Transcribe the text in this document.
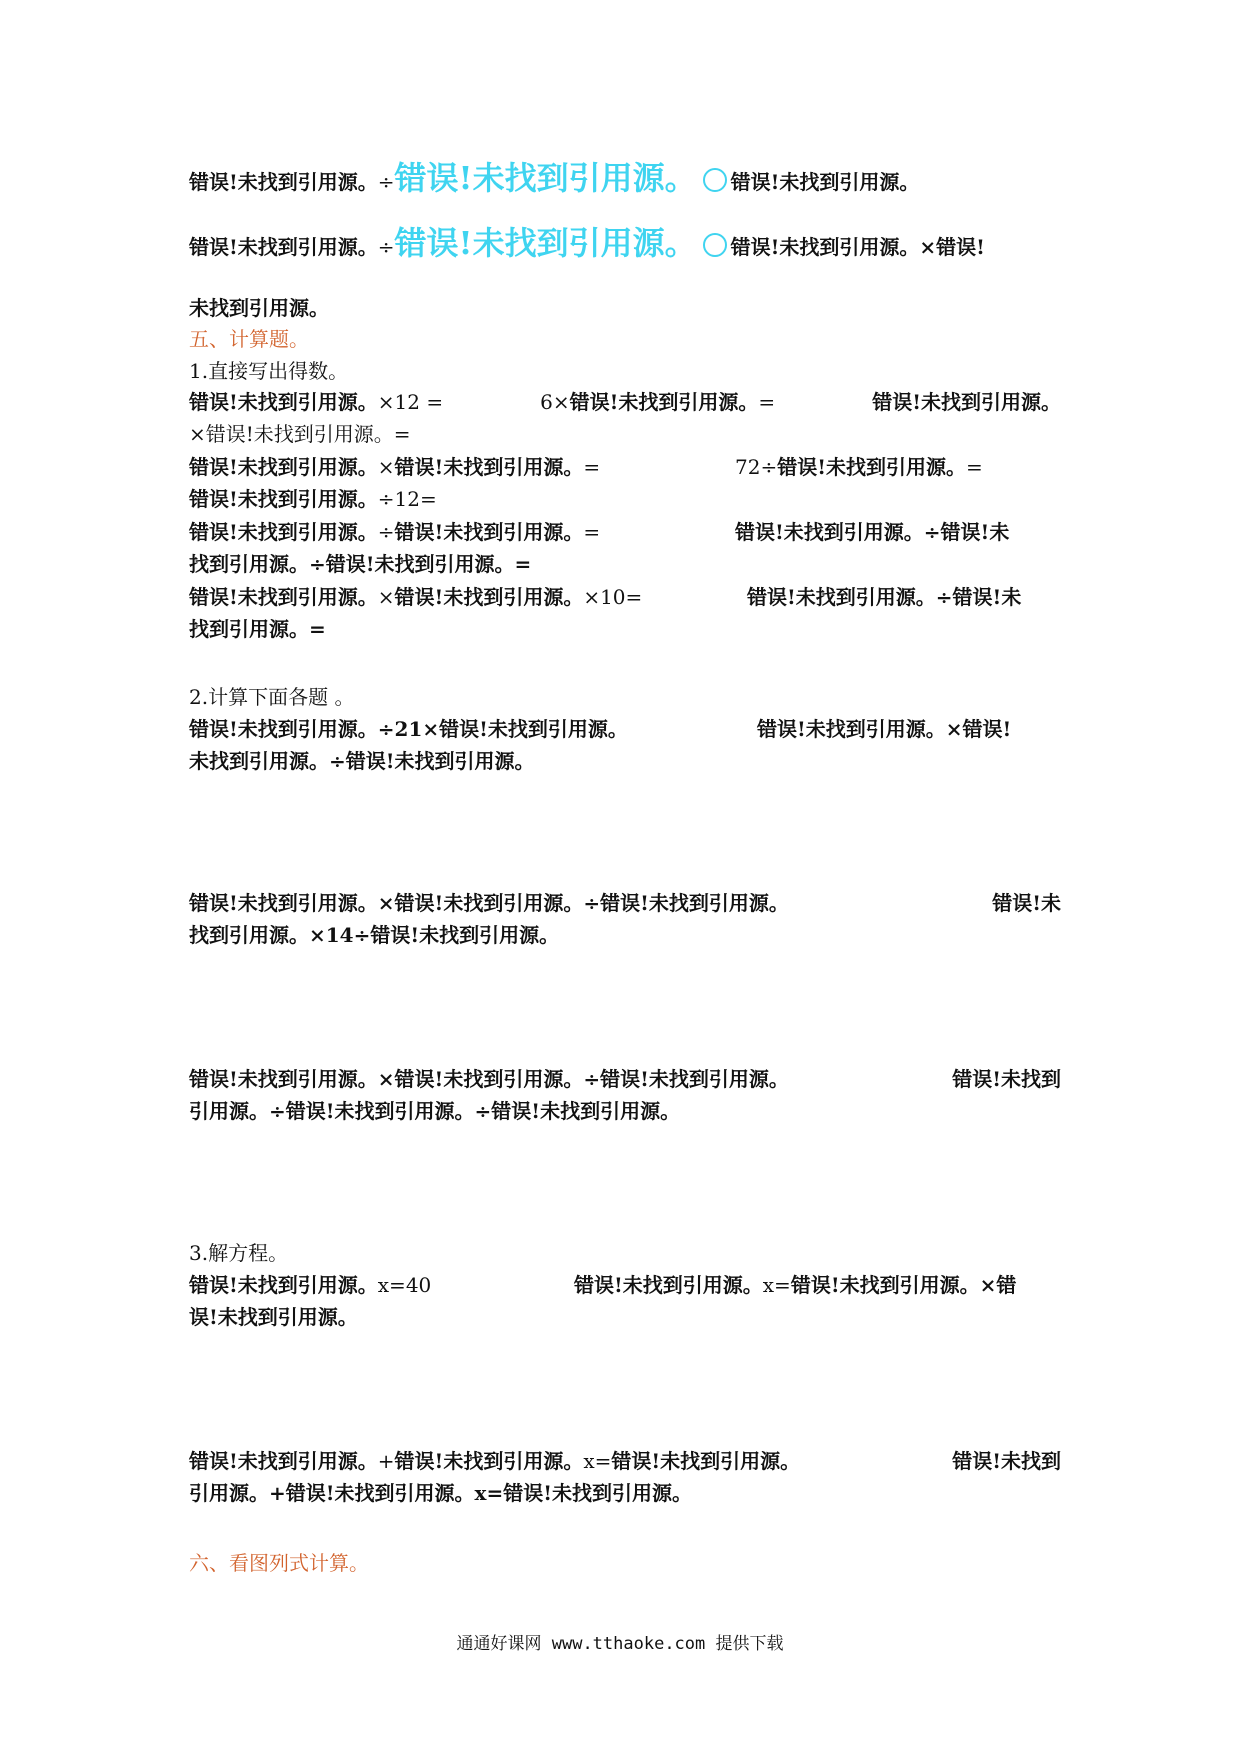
错误!未找到引用源。÷错误!未找到引用源。 错误!未找到引用源。
错误!未找到引用源。÷错误!未找到引用源。 错误!未找到引用源。×错误!
未找到引用源。
五、计算题。
1.直接写出得数。
错误!未找到引用源。×12 =	6×错误!未找到引用源。=	错误!未找到引用源。
×错误!未找到引用源。=
错误!未找到引用源。×错误!未找到引用源。=	72÷错误!未找到引用源。=
错误!未找到引用源。÷12=
错误!未找到引用源。÷错误!未找到引用源。=	错误!未找到引用源。÷错误!未
找到引用源。÷错误!未找到引用源。=
错误!未找到引用源。×错误!未找到引用源。×10=	错误!未找到引用源。÷错误!未
找到引用源。=
2.计算下面各题 。
错误!未找到引用源。÷21×错误!未找到引用源。	错误!未找到引用源。×错误!
未找到引用源。÷错误!未找到引用源。
错误!未找到引用源。×错误!未找到引用源。÷错误!未找到引用源。	错误!未
找到引用源。×14÷错误!未找到引用源。
错误!未找到引用源。×错误!未找到引用源。÷错误!未找到引用源。	错误!未找到
引用源。÷错误!未找到引用源。÷错误!未找到引用源。
3.解方程。
错误!未找到引用源。x=40	错误!未找到引用源。x=错误!未找到引用源。×错
误!未找到引用源。
错误!未找到引用源。+错误!未找到引用源。x=错误!未找到引用源。	错误!未找到
引用源。+错误!未找到引用源。x=错误!未找到引用源。
六、看图列式计算。
通通好课网 www.tthaoke.com 提供下载
